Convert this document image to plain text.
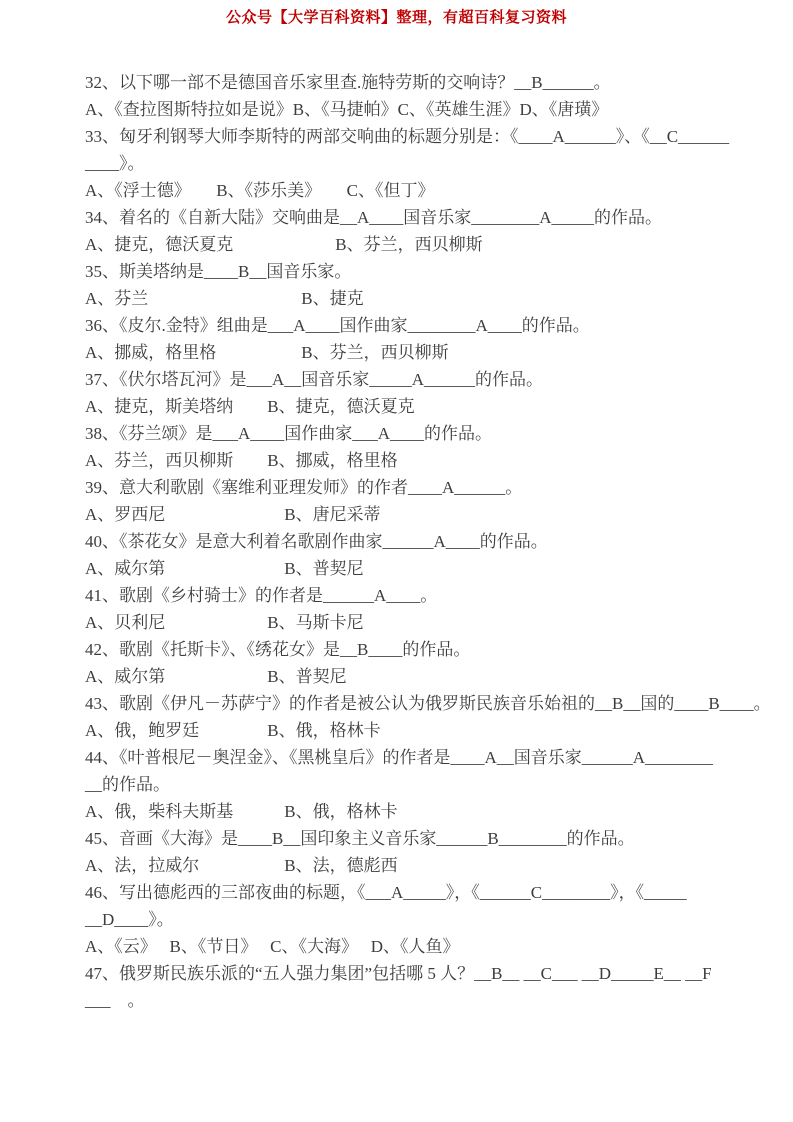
公众号【大学百科资料】整理，有超百科复习资料
32、以下哪一部不是德国音乐家里查.施特劳斯的交响诗？__B______。
A、《查拉图斯特拉如是说》B、《马捷帕》C、《英雄生涯》D、《唐璜》
33、匈牙利钢琴大师李斯特的两部交响曲的标题分别是：《____A______》、《__C______
____》。
A、《浮士德》　　B、《莎乐美》　　C、《但丁》
34、着名的《自新大陆》交响曲是__A____国音乐家________A_____的作品。
A、捷克，德沃夏克　　　　　　B、芬兰，西贝柳斯
35、斯美塔纳是____B__国音乐家。
A、芬兰　　　　　　　　　B、捷克
36、《皮尔.金特》组曲是___A____国作曲家________A____的作品。
A、挪威，格里格　　　　　B、芬兰，西贝柳斯
37、《伏尔塔瓦河》是___A__国音乐家_____A______的作品。
A、捷克，斯美塔纳　　B、捷克，德沃夏克
38、《芬兰颂》是___A____国作曲家___A____的作品。
A、芬兰，西贝柳斯　　B、挪威，格里格
39、意大利歌剧《塞维利亚理发师》的作者____A______。
A、罗西尼　　　　　　　B、唐尼采蒂
40、《茶花女》是意大利着名歌剧作曲家______A____的作品。
A、威尔第　　　　　　　B、普契尼
41、歌剧《乡村骑士》的作者是______A____。
A、贝利尼　　　　　　B、马斯卡尼
42、歌剧《托斯卡》、《绣花女》是__B____的作品。
A、威尔第　　　　　　B、普契尼
43、歌剧《伊凡－苏萨宁》的作者是被公认为俄罗斯民族音乐始祖的__B__国的____B____。
A、俄，鲍罗廷　　　　B、俄，格林卡
44、《叶普根尼－奥涅金》、《黑桃皇后》的作者是____A__国音乐家______A________
__的作品。
A、俄，柴科夫斯基　　　B、俄，格林卡
45、音画《大海》是____B__国印象主义音乐家______B________的作品。
A、法，拉威尔　　　　　B、法，德彪西
46、写出德彪西的三部夜曲的标题，《___A_____》，《______C________》，《_____
__D____》。
A、《云》　 B、《节日》　 C、《大海》　 D、《人鱼》
47、俄罗斯民族乐派的“五人强力集团”包括哪 5 人？__B__ __C___ __D_____E__ __F
___　。
